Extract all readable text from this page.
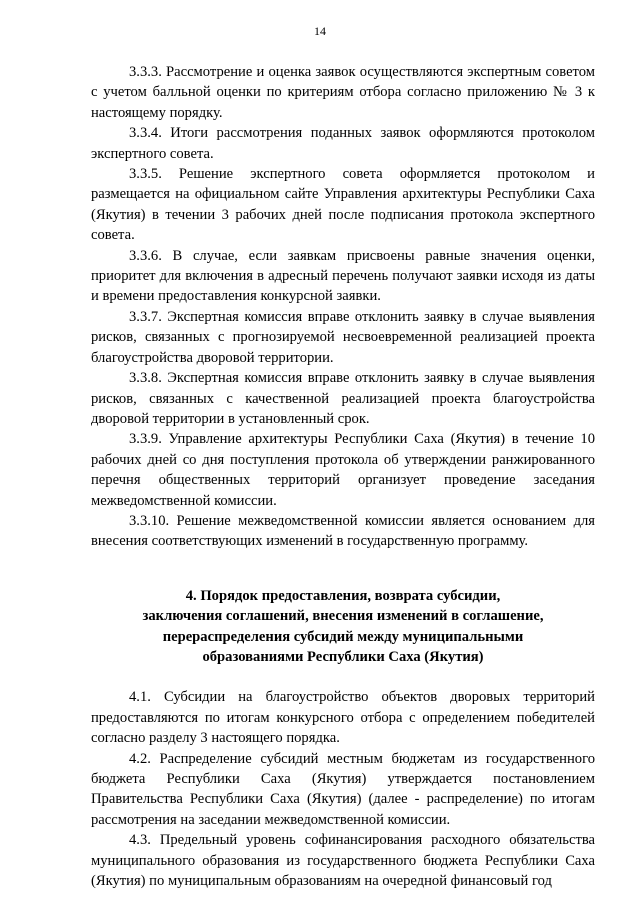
14

3.3.3. Рассмотрение и оценка заявок осуществляются экспертным советом с учетом балльной оценки по критериям отбора согласно приложению № 3 к настоящему порядку.

3.3.4. Итоги рассмотрения поданных заявок оформляются протоколом экспертного совета.

3.3.5. Решение экспертного совета оформляется протоколом и размещается на официальном сайте Управления архитектуры Республики Саха (Якутия) в течении 3 рабочих дней после подписания протокола экспертного совета.

3.3.6. В случае, если заявкам присвоены равные значения оценки, приоритет для включения в адресный перечень получают заявки исходя из даты и времени предоставления конкурсной заявки.

3.3.7. Экспертная комиссия вправе отклонить заявку в случае выявления рисков, связанных с прогнозируемой несвоевременной реализацией проекта благоустройства дворовой территории.

3.3.8. Экспертная комиссия вправе отклонить заявку в случае выявления рисков, связанных с качественной реализацией проекта благоустройства дворовой территории в установленный срок.

3.3.9. Управление архитектуры Республики Саха (Якутия) в течение 10 рабочих дней со дня поступления протокола об утверждении ранжированного перечня общественных территорий организует проведение заседания межведомственной комиссии.

3.3.10. Решение межведомственной комиссии является основанием для внесения соответствующих изменений в государственную программу.

4. Порядок предоставления, возврата субсидии,
заключения соглашений, внесения изменений в соглашение,
перераспределения субсидий между муниципальными
образованиями Республики Саха (Якутия)

4.1. Субсидии на благоустройство объектов дворовых территорий предоставляются по итогам конкурсного отбора с определением победителей согласно разделу 3 настоящего порядка.

4.2. Распределение субсидий местным бюджетам из государственного бюджета Республики Саха (Якутия) утверждается постановлением Правительства Республики Саха (Якутия) (далее - распределение) по итогам рассмотрения на заседании межведомственной комиссии.

4.3. Предельный уровень софинансирования расходного обязательства муниципального образования из государственного бюджета Республики Саха (Якутия) по муниципальным образованиям на очередной финансовый год
